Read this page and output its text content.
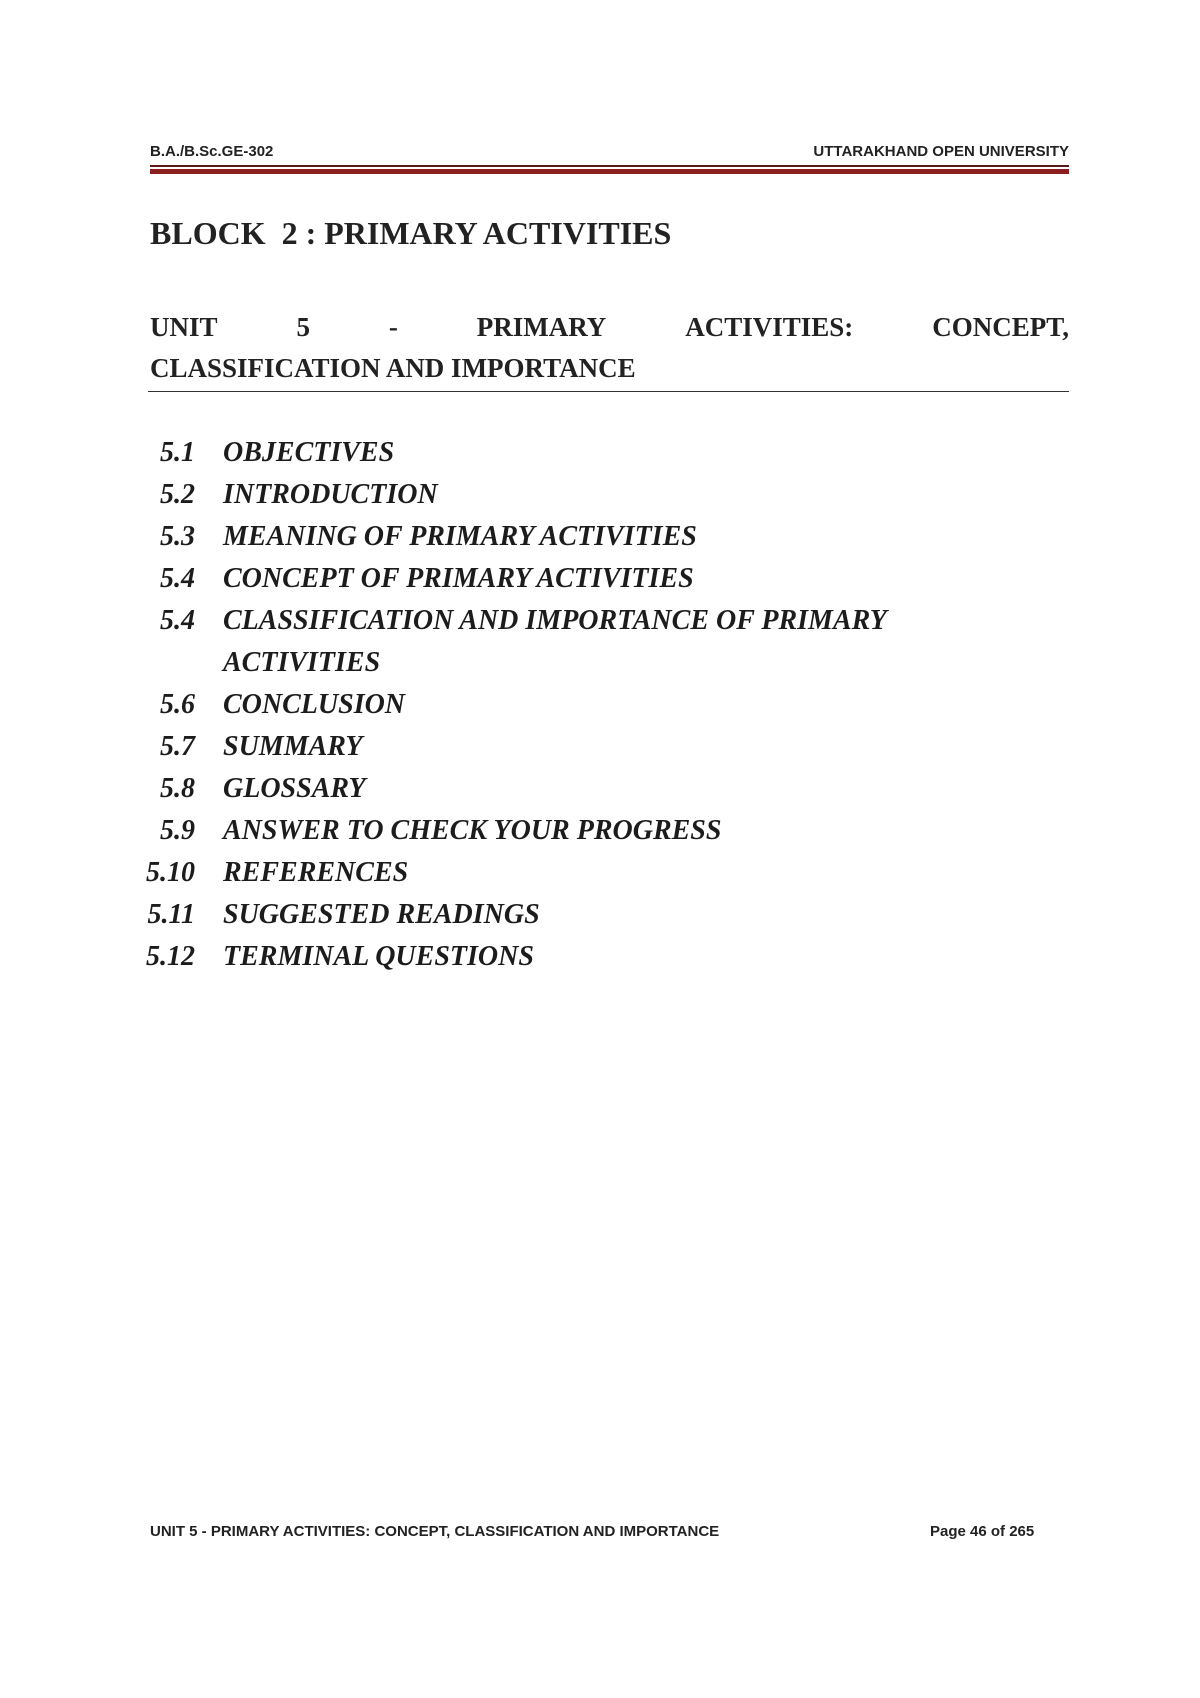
B.A./B.Sc.GE-302	UTTARAKHAND OPEN UNIVERSITY
BLOCK  2 : PRIMARY ACTIVITIES
UNIT	5	-	PRIMARY	ACTIVITIES:	CONCEPT,
CLASSIFICATION AND IMPORTANCE
5.1 OBJECTIVES
5.2 INTRODUCTION
5.3 MEANING OF PRIMARY ACTIVITIES
5.4 CONCEPT OF PRIMARY ACTIVITIES
5.4 CLASSIFICATION AND IMPORTANCE OF PRIMARY ACTIVITIES
5.6 CONCLUSION
5.7 SUMMARY
5.8 GLOSSARY
5.9 ANSWER TO CHECK YOUR PROGRESS
5.10 REFERENCES
5.11 SUGGESTED READINGS
5.12 TERMINAL QUESTIONS
UNIT 5 - PRIMARY ACTIVITIES: CONCEPT, CLASSIFICATION AND IMPORTANCE	Page 46 of 265
